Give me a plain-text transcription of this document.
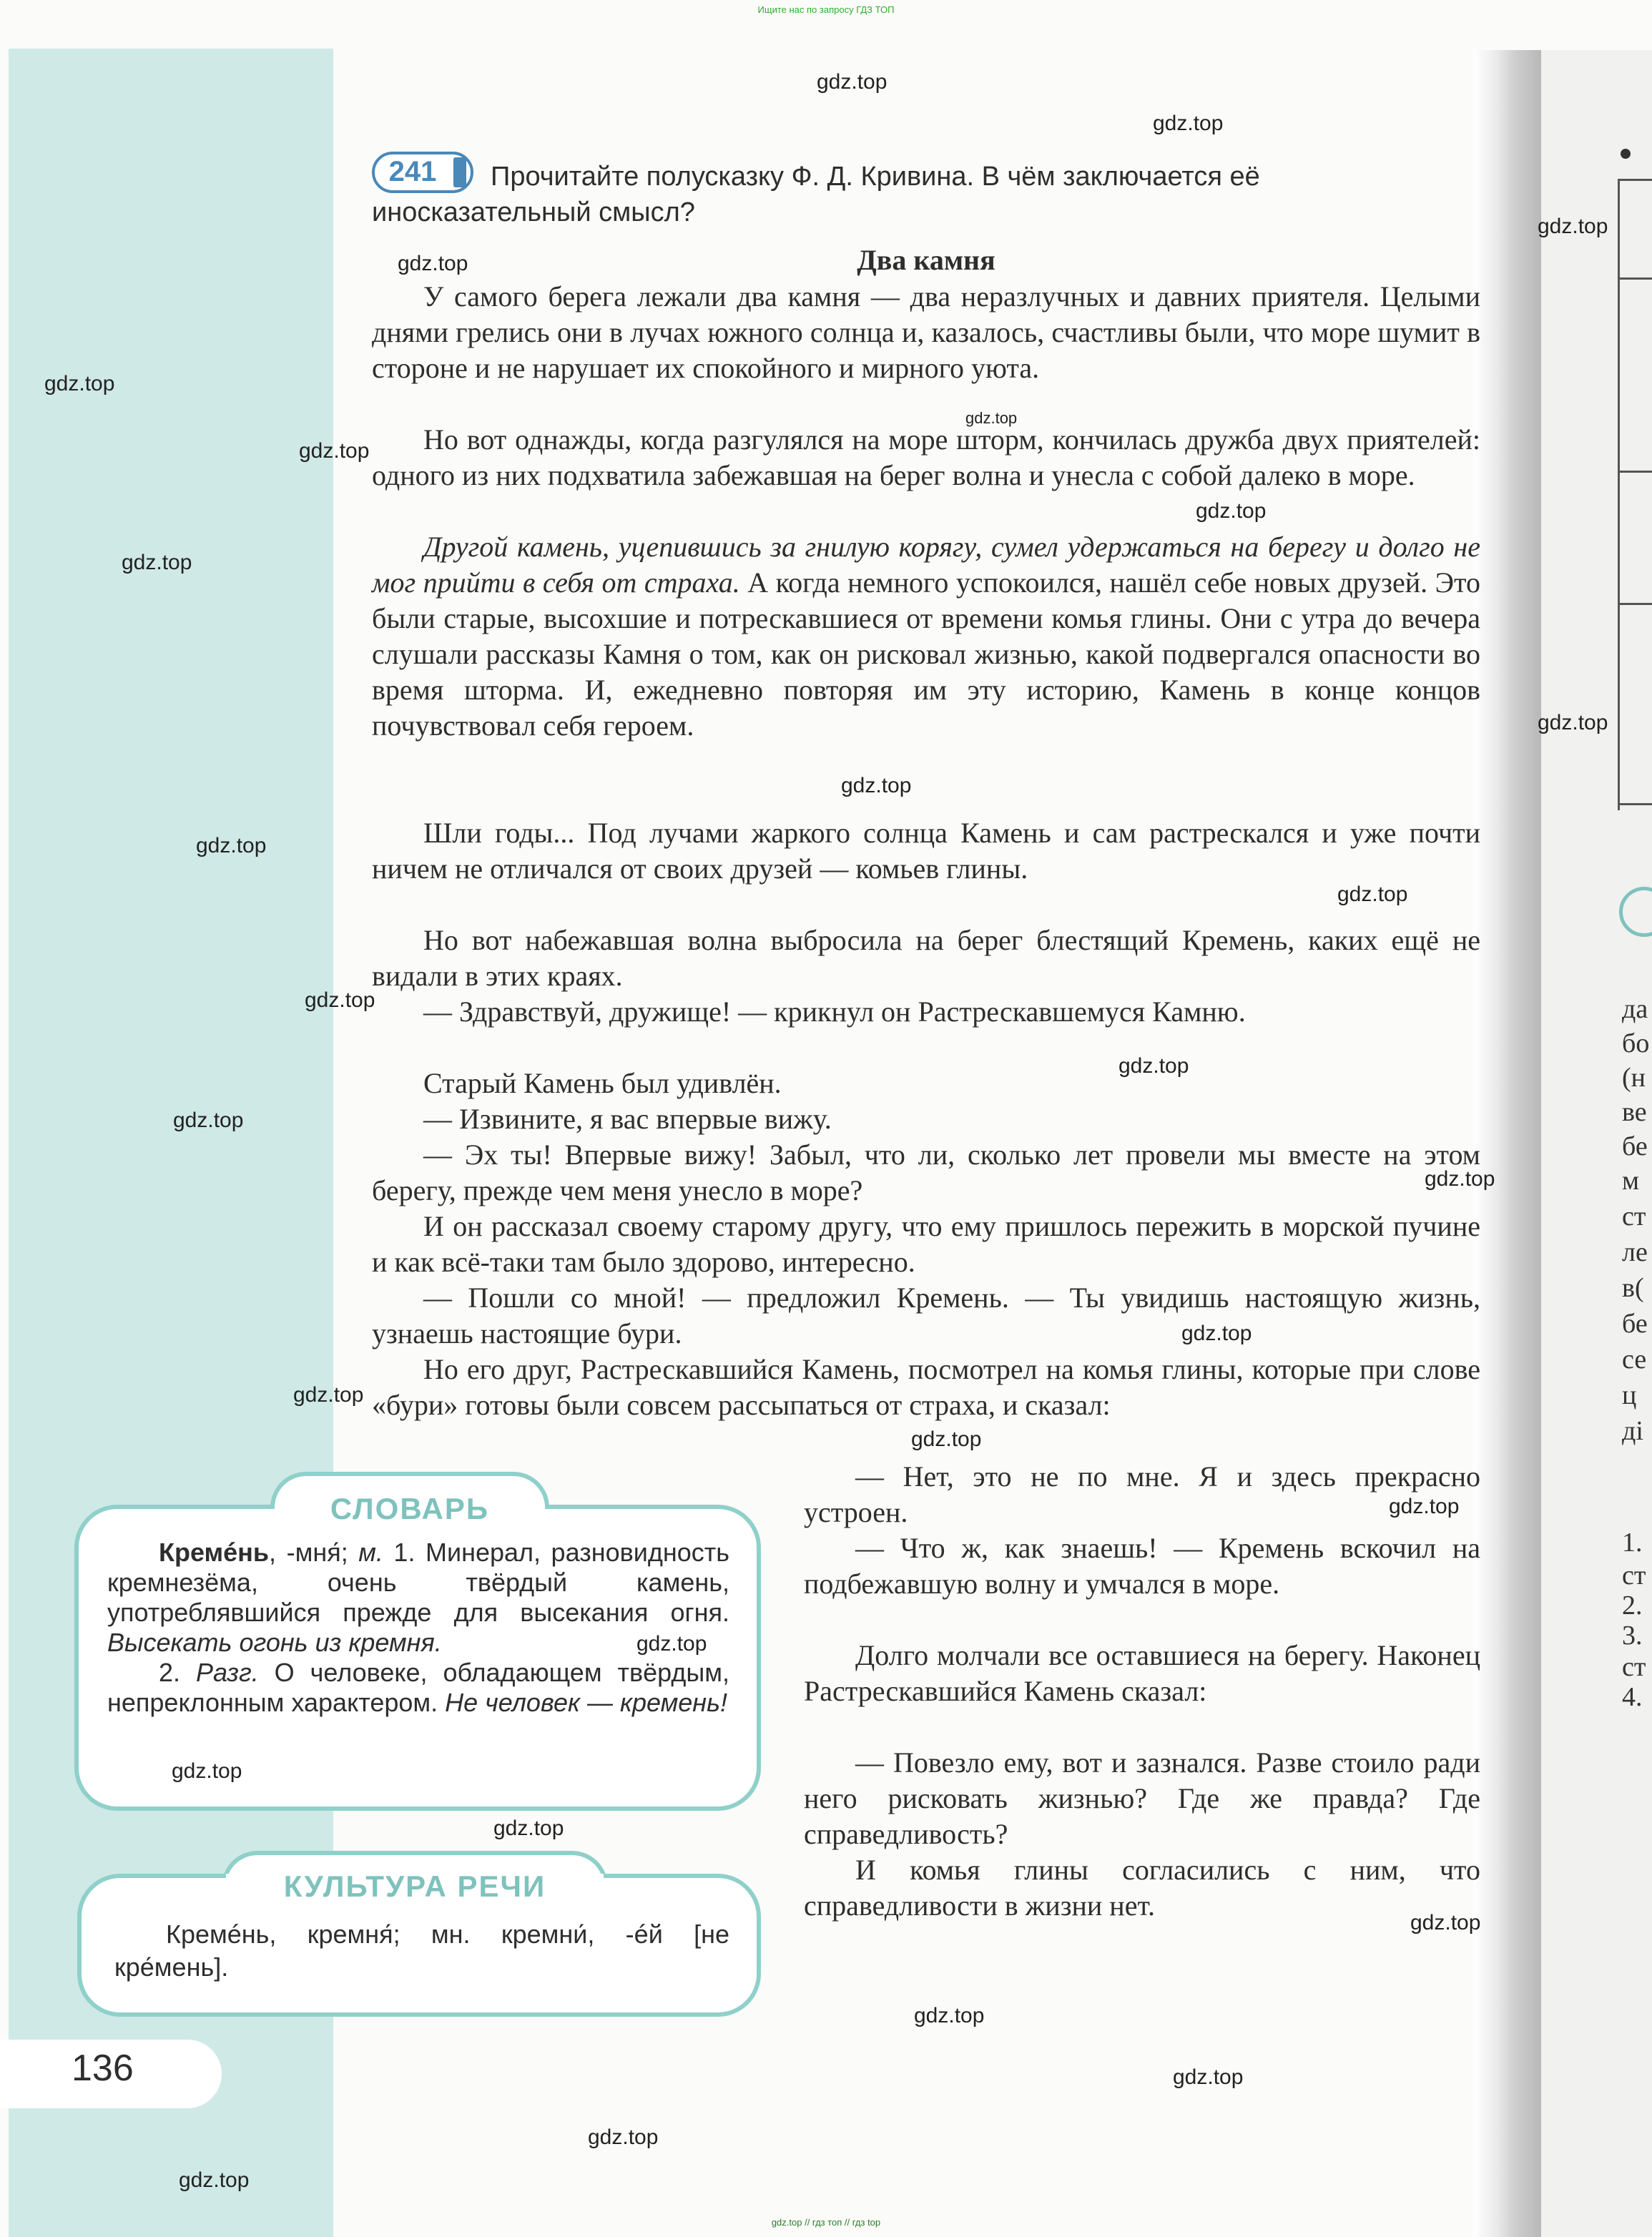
да
бо
(н
ве
бе
м
ст
ле
в(
бе
се
ц
ді
1.
ст
2.
3.
ст
4.
Ищите нас по запросу ГДЗ ТОП
241	Прочитайте полусказку Ф. Д. Кривина. В чём заключается её иносказательный смысл?
Два камня

У самого берега лежали два камня — два неразлучных и давних приятеля. Целыми днями грелись они в лучах южного солнца и, казалось, счастливы были, что море шумит в стороне и не нарушает их спокойного и мирного уюта.

Но вот однажды, когда разгулялся на море шторм, кончилась дружба двух приятелей: одного из них подхватила забежавшая на берег волна и унесла с собой далеко в море.

Другой камень, уцепившись за гнилую корягу, сумел удержаться на берегу и долго не мог прийти в себя от страха. А когда немного успокоился, нашёл себе новых друзей. Это были старые, высохшие и потрескавшиеся от времени комья глины. Они с утра до вечера слушали рассказы Камня о том, как он рисковал жизнью, какой подвергался опасности во время шторма. И, ежедневно повторяя им эту историю, Камень в конце концов почувствовал себя героем.

Шли годы... Под лучами жаркого солнца Камень и сам растрескался и уже почти ничем не отличался от своих друзей — комьев глины.

Но вот набежавшая волна выбросила на берег блестящий Кремень, каких ещё не видали в этих краях.

— Здравствуй, дружище! — крикнул он Растрескавшемуся Камню.

Старый Камень был удивлён.

— Извините, я вас впервые вижу.

— Эх ты! Впервые вижу! Забыл, что ли, сколько лет провели мы вместе на этом берегу, прежде чем меня унесло в море?

И он рассказал своему старому другу, что ему пришлось пережить в морской пучине и как всё-таки там было здорово, интересно.

— Пошли со мной! — предложил Кремень. — Ты увидишь настоящую жизнь, узнаешь настоящие бури.

Но его друг, Растрескавшийся Камень, посмотрел на комья глины, которые при слове «бури» готовы были совсем рассыпаться от страха, и сказал:

— Нет, это не по мне. Я и здесь прекрасно устроен.

— Что ж, как знаешь! — Кремень вскочил на подбежавшую волну и умчался в море.

Долго молчали все оставшиеся на берегу. Наконец Растрескавшийся Камень сказал:

— Повезло ему, вот и зазнался. Разве стоило ради него рисковать жизнью? Где же правда? Где справедливость?

И комья глины согласились с ним, что справедливости в жизни нет.

СЛОВАРЬ
Кремéнь, -мня́; м. 1. Минерал, разновидность кремнезёма, очень твёрдый камень, употреблявшийся прежде для высекания огня. Высекать огонь из кремня.
2. Разг. О человеке, обладающем твёрдым, непреклонным характером. Не человек — кремень!
КУЛЬТУРА РЕЧИ
Кремéнь, кремня́; мн. кремни́, -éй [не кре́мень].
136
gdz.top
gdz.top
gdz.top
gdz.top
gdz.top
gdz.top
gdz.top
gdz.top
gdz.top
gdz.top
gdz.top
gdz.top
gdz.top
gdz.top
gdz.top
gdz.top
gdz.top
gdz.top
gdz.top
gdz.top
gdz.top
gdz.top
gdz.top
gdz.top
gdz.top
gdz.top
gdz.top
gdz.top
gdz.top
gdz.top // гдз топ // гдз top
